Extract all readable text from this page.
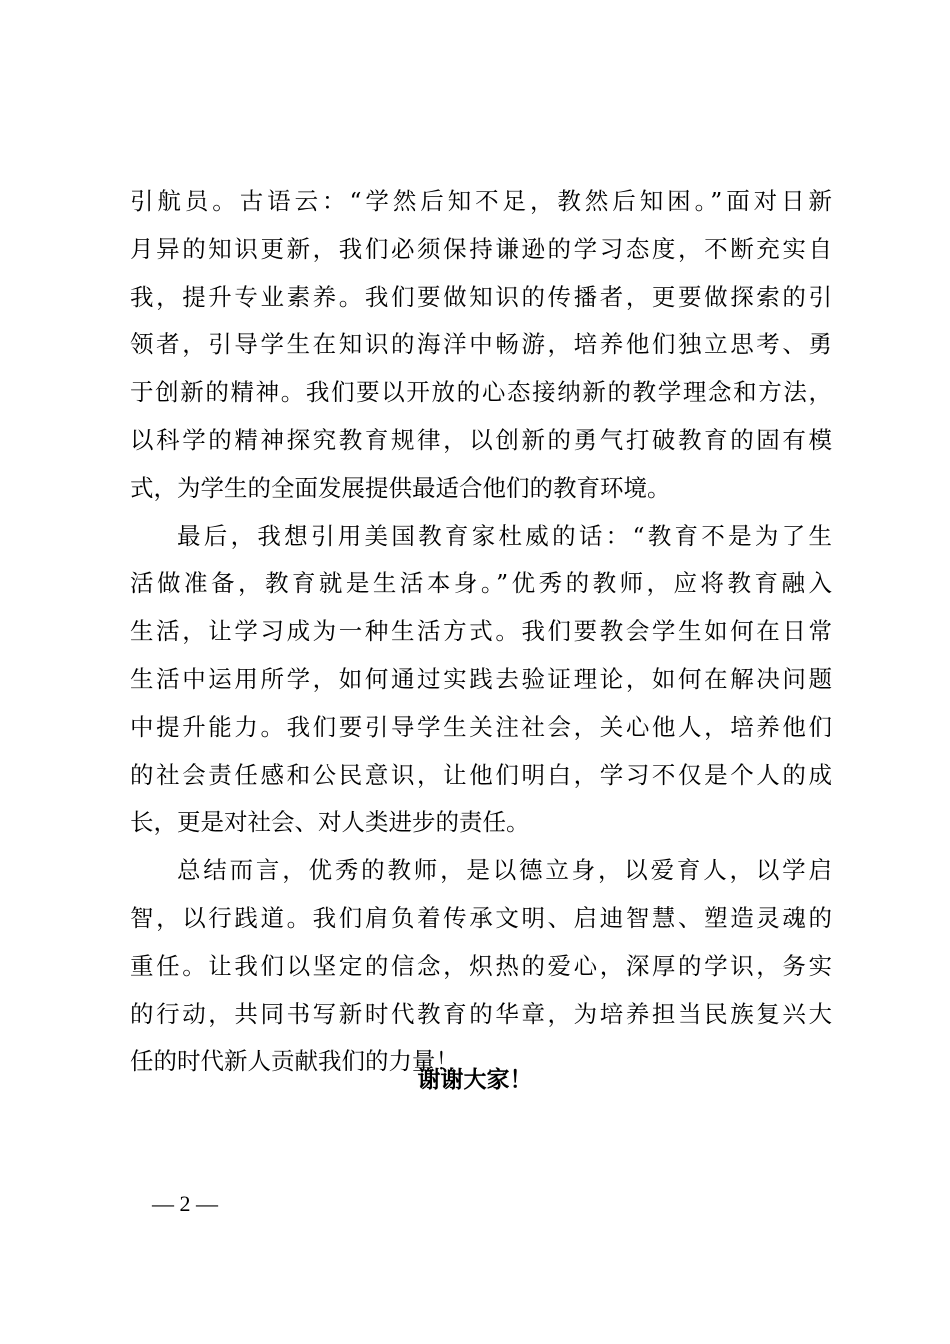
引航员。古语云：“学然后知不足，教然后知困。”面对日新
月异的知识更新，我们必须保持谦逊的学习态度，不断充实自
我，提升专业素养。我们要做知识的传播者，更要做探索的引
领者，引导学生在知识的海洋中畅游，培养他们独立思考、勇
于创新的精神。我们要以开放的心态接纳新的教学理念和方法，
以科学的精神探究教育规律，以创新的勇气打破教育的固有模
式，为学生的全面发展提供最适合他们的教育环境。
最后，我想引用美国教育家杜威的话：“教育不是为了生
活做准备，教育就是生活本身。”优秀的教师，应将教育融入
生活，让学习成为一种生活方式。我们要教会学生如何在日常
生活中运用所学，如何通过实践去验证理论，如何在解决问题
中提升能力。我们要引导学生关注社会，关心他人，培养他们
的社会责任感和公民意识，让他们明白，学习不仅是个人的成
长，更是对社会、对人类进步的责任。
总结而言，优秀的教师，是以德立身，以爱育人，以学启
智，以行践道。我们肩负着传承文明、启迪智慧、塑造灵魂的
重任。让我们以坚定的信念，炽热的爱心，深厚的学识，务实
的行动，共同书写新时代教育的华章，为培养担当民族复兴大
任的时代新人贡献我们的力量！
谢谢大家！
— 2 —
